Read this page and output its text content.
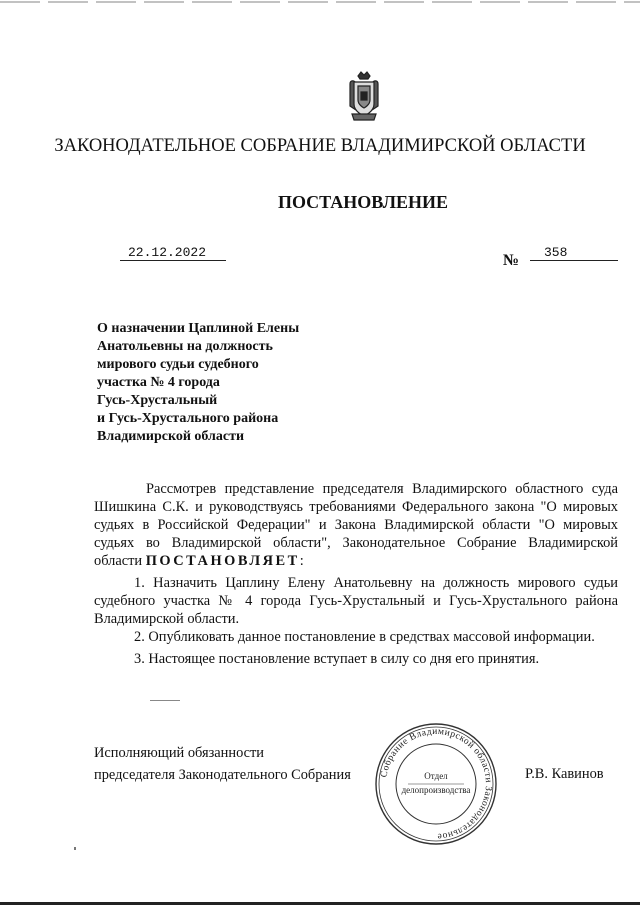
ЗАКОНОДАТЕЛЬНОЕ СОБРАНИЕ ВЛАДИМИРСКОЙ ОБЛАСТИ
ПОСТАНОВЛЕНИЕ
22.12.2022	№	358
О назначении Цаплиной Елены
Анатольевны на должность
мирового судьи судебного
участка № 4 города
Гусь-Хрустальный
и Гусь-Хрустального района
Владимирской области

Рассмотрев представление председателя Владимирского областного суда Шишкина С.К. и руководствуясь требованиями Федерального закона "О мировых судьях в Российской Федерации" и Закона Владимирской области "О мировых судьях во Владимирской области", Законодательное Собрание Владимирской области ПОСТАНОВЛЯЕТ:

1. Назначить Цаплину Елену Анатольевну на должность мирового судьи судебного участка № 4 города Гусь-Хрустальный и Гусь-Хрустального района Владимирской области.

2. Опубликовать данное постановление в средствах массовой информации.

3. Настоящее постановление вступает в силу со дня его принятия.

Исполняющий обязанности
председателя Законодательного Собрания	Собрание Владимирской области Законодательное
Отдел
делопроизводства
Р.В. Кавинов
